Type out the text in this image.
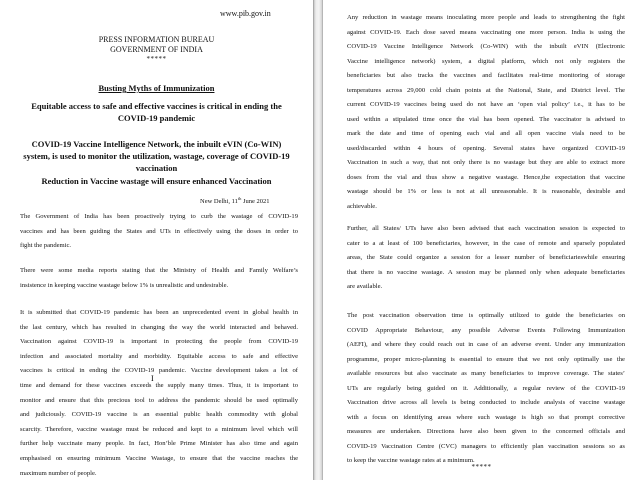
www.pib.gov.in
PRESS INFORMATION BUREAU
GOVERNMENT OF INDIA
*****
Busting Myths of Immunization
Equitable access to safe and effective vaccines is critical in ending the
COVID-19 pandemic
COVID-19 Vaccine Intelligence Network, the inbuilt eVIN (Co-WIN)
system, is used to monitor the utilization, wastage, coverage of COVID-19
vaccination
Reduction in Vaccine wastage will ensure enhanced Vaccination
New Delhi, 11th June 2021
The Government of India has been proactively trying to curb the wastage of COVID-19
vaccines and has been guiding the States and UTs in effectively using the doses in order to
fight the pandemic.
There were some media reports stating that the Ministry of Health and Family Welfare’s
insistence in keeping vaccine wastage below 1% is unrealistic and undesirable.
It is submitted that COVID-19 pandemic has been an unprecedented event in global health in
the last century, which has resulted in changing the way the world interacted and behaved.
Vaccination against COVID-19 is important in protecting the people from COVID-19
infection and associated mortality and morbidity. Equitable access to safe and effective
vaccines is critical in ending the COVID-19 pandemic. Vaccine development takes a lot of
time and demand for these vaccines exceeds the supply many times. Thus, it is important to
monitor and ensure that this precious tool to address the pandemic should be used optimally
and judiciously. COVID-19 vaccine is an essential public health commodity with global
scarcity. Therefore, vaccine wastage must be reduced and kept to a minimum level which will
further help vaccinate many people. In fact, Hon’ble Prime Minister has also time and again
emphasised on ensuring minimum Vaccine Wastage, to ensure that the vaccine reaches the
maximum number of people.
I
Any reduction in wastage means inoculating more people and leads to strengthening the fight
against COVID-19. Each dose saved means vaccinating one more person. India is using the
COVID-19 Vaccine Intelligence Network (Co-WIN) with the inbuilt eVIN (Electronic
Vaccine intelligence network) system, a digital platform, which not only registers the
beneficiaries but also tracks the vaccines and facilitates real-time monitoring of storage
temperatures across 29,000 cold chain points at the National, State, and District level. The
current COVID-19 vaccines being used do not have an ‘open vial policy’ i.e., it has to be
used within a stipulated time once the vial has been opened. The vaccinator is advised to
mark the date and time of opening each vial and all open vaccine vials need to be
used/discarded within 4 hours of opening. Several states have organized COVID-19
Vaccination in such a way, that not only there is no wastage but they are able to extract more
doses from the vial and thus show a negative wastage. Hence,the expectation that vaccine
wastage should be 1% or less is not at all unreasonable. It is reasonable, desirable and
achievable.
Further, all States/ UTs have also been advised that each vaccination session is expected to
cater to a at least of 100 beneficiaries, however, in the case of remote and sparsely populated
areas, the State could organize a session for a lesser number of beneficiarieswhile ensuring
that there is no vaccine wastage. A session may be planned only when adequate beneficiaries
are available.
The post vaccination observation time is optimally utilized to guide the beneficiaries on
COVID Appropriate Behaviour, any possible Adverse Events Following Immunization
(AEFI), and where they could reach out in case of an adverse event. Under any immunization
programme, proper micro-planning is essential to ensure that we not only optimally use the
available resources but also vaccinate as many beneficiaries to improve coverage. The states’
UTs are regularly being guided on it. Additionally, a regular review of the COVID-19
Vaccination drive across all levels is being conducted to include analysis of vaccine wastage
with a focus on identifying areas where such wastage is high so that prompt corrective
measures are undertaken. Directions have also been given to the concerned officials and
COVID-19 Vaccination Centre (CVC) managers to efficiently plan vaccination sessions so as
to keep the vaccine wastage rates at a minimum.
*****
